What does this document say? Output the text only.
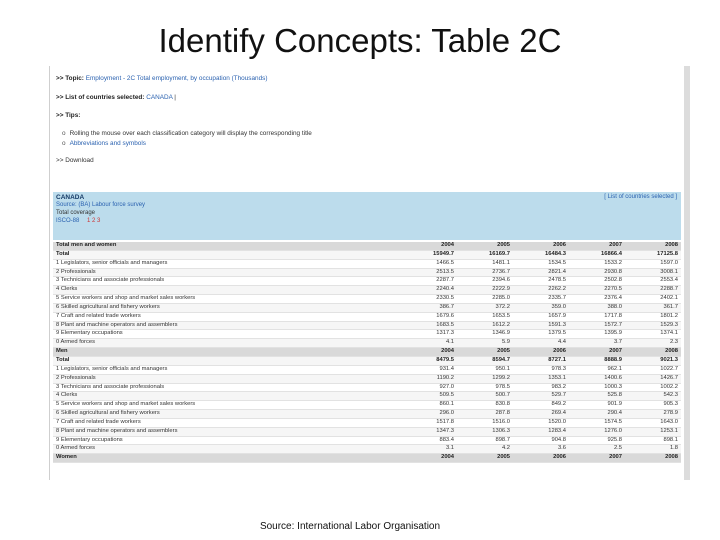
Identify Concepts: Table 2C
>> Topic: Employment - 2C Total employment, by occupation (Thousands)
>> List of countries selected: CANADA |
>> Tips:
o Rolling the mouse over each classification category will display the corresponding title
o Abbreviations and symbols
>> Download
CANADA
Source: (BA) Labour force survey
Total coverage
ISCO-88 1 2 3
[ List of countries selected ]
Total men and women	2004	2005	2006	2007	2008
Total	15949.7	16169.7	16484.3	16866.4	17125.8
1 Legislators, senior officials and managers	1466.5	1481.1	1534.5	1533.2	1597.0
2 Professionals	2513.5	2736.7	2821.4	2930.8	3008.1
3 Technicians and associate professionals	2287.7	2394.6	2478.5	2502.8	2553.4
4 Clerks	2240.4	2222.9	2262.2	2270.5	2288.7
5 Service workers and shop and market sales workers	2330.5	2285.0	2335.7	2376.4	2402.1
6 Skilled agricultural and fishery workers	386.7	372.2	359.0	388.0	361.7
7 Craft and related trade workers	1679.6	1653.5	1657.9	1717.8	1801.2
8 Plant and machine operators and assemblers	1683.5	1612.2	1591.3	1572.7	1529.3
9 Elementary occupations	1317.3	1346.9	1379.5	1395.9	1374.1
0 Armed forces	4.1	5.9	4.4	3.7	2.3
Men	2004	2005	2006	2007	2008
Total	8479.5	8594.7	8727.1	8888.9	9021.3
1 Legislators, senior officials and managers	931.4	950.1	978.3	962.1	1022.7
2 Professionals	1190.2	1299.2	1353.1	1400.6	1426.7
3 Technicians and associate professionals	927.0	978.5	983.2	1000.3	1002.2
4 Clerks	509.5	500.7	529.7	525.8	542.3
5 Service workers and shop and market sales workers	860.1	830.8	849.2	901.9	905.3
6 Skilled agricultural and fishery workers	296.0	287.8	269.4	290.4	278.9
7 Craft and related trade workers	1517.8	1516.0	1520.0	1574.5	1643.0
8 Plant and machine operators and assemblers	1347.3	1306.3	1283.4	1276.0	1253.1
9 Elementary occupations	883.4	898.7	904.8	925.8	898.1
0 Armed forces	3.1	4.2	3.6	2.5	1.8
Women	2004	2005	2006	2007	2008
Source: International Labor Organisation
